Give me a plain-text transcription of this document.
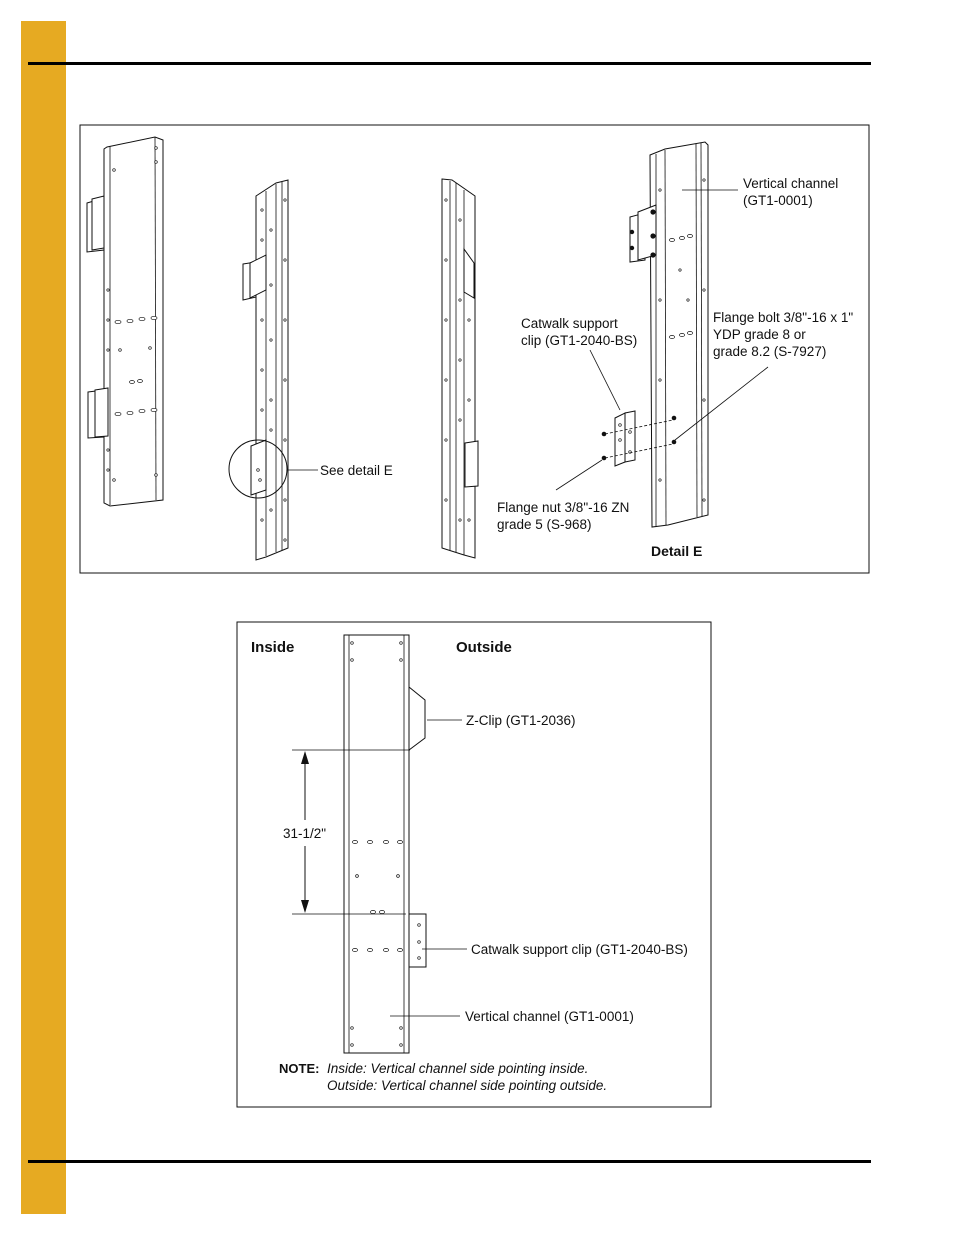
See detail E
Vertical channel
(GT1-0001)
Catwalk support
clip (GT1-2040-BS)
Flange bolt 3/8"-16 x 1"
YDP grade 8 or
grade 8.2 (S-7927)
Flange nut 3/8"-16 ZN
grade 5 (S-968)
Detail E
Inside	Outside
Z-Clip (GT1-2036)
Catwalk support clip (GT1-2040-BS)
Vertical channel (GT1-0001)
31-1/2"
NOTE: Inside: Vertical channel side pointing inside.
Outside: Vertical channel side pointing outside.
